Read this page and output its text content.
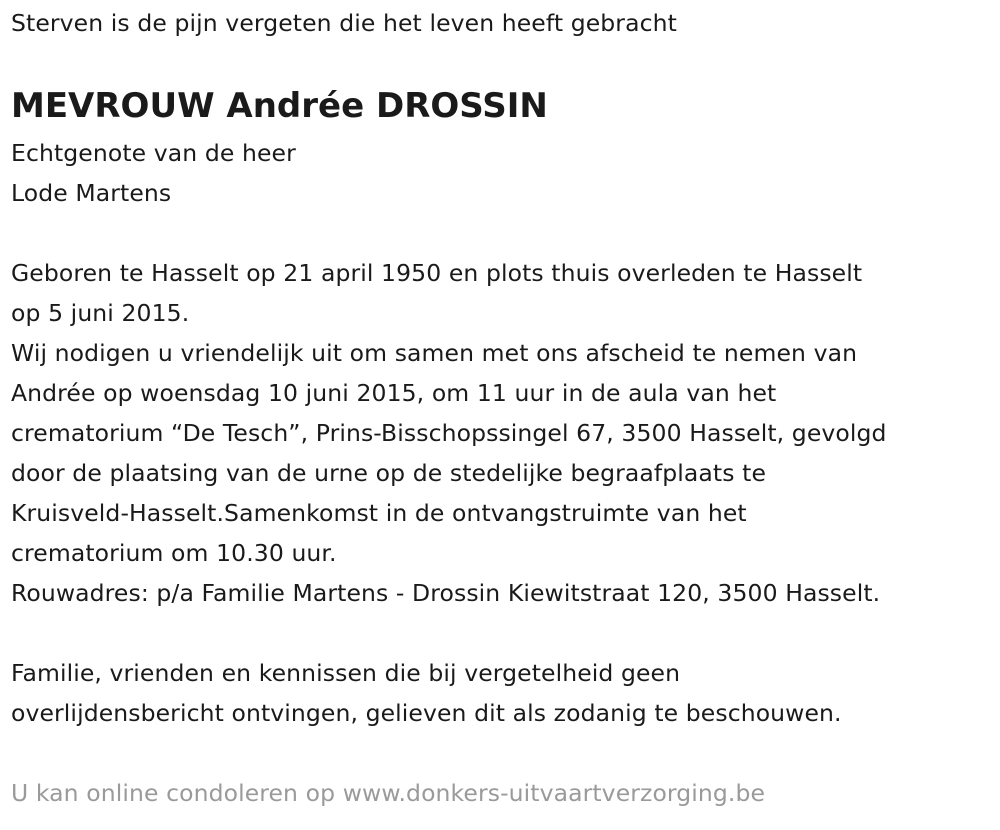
Sterven is de pijn vergeten die het leven heeft gebracht
MEVROUW Andrée DROSSIN
Echtgenote van de heer
Lode Martens
Geboren te Hasselt op 21 april 1950 en plots thuis overleden te Hasselt
op 5 juni 2015.
Wij nodigen u vriendelijk uit om samen met ons afscheid te nemen van
Andrée op woensdag 10 juni 2015, om 11 uur in de aula van het
crematorium “De Tesch”, Prins-Bisschopssingel 67, 3500 Hasselt, gevolgd
door de plaatsing van de urne op de stedelijke begraafplaats te
Kruisveld-Hasselt.Samenkomst in de ontvangstruimte van het
crematorium om 10.30 uur.
Rouwadres: p/a Familie Martens - Drossin Kiewitstraat 120, 3500 Hasselt.
Familie, vrienden en kennissen die bij vergetelheid geen
overlijdensbericht ontvingen, gelieven dit als zodanig te beschouwen.
U kan online condoleren op www.donkers-uitvaartverzorging.be
